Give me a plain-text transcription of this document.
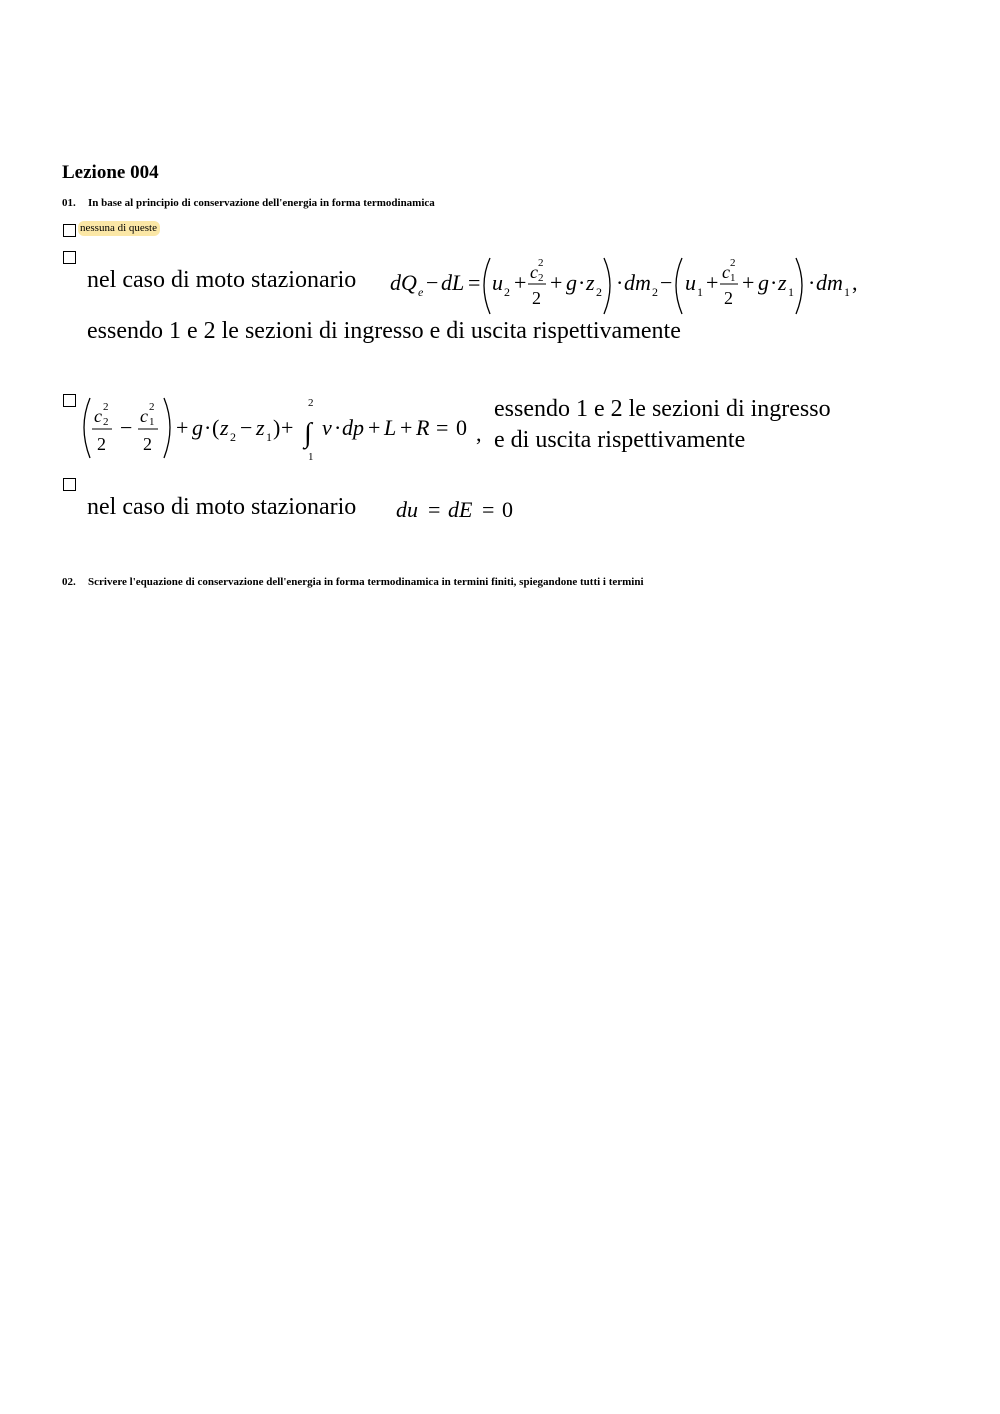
Lezione 004
01. In base al principio di conservazione dell'energia in forma termodinamica
nessuna di queste
nel caso di moto stazionario dQ e − dL = u 2 + c 2
2
2
+ g · z 2 · dm 2 − u 1 + c 2
1
2
+ g · z 1 · dm 1 ,
essendo 1 e 2 le sezioni di ingresso e di uscita rispettivamente
c 2
2
2
− c 2
1
2
+ g · ( z 2 − z 1 ) +
2
∫
1
v · dp + L + R = 0 ,
essendo 1 e 2 le sezioni di ingresso
e di uscita rispettivamente
nel caso di moto stazionario du = dE = 0
02. Scrivere l'equazione di conservazione dell'energia in forma termodinamica in termini finiti, spiegandone tutti i termini
